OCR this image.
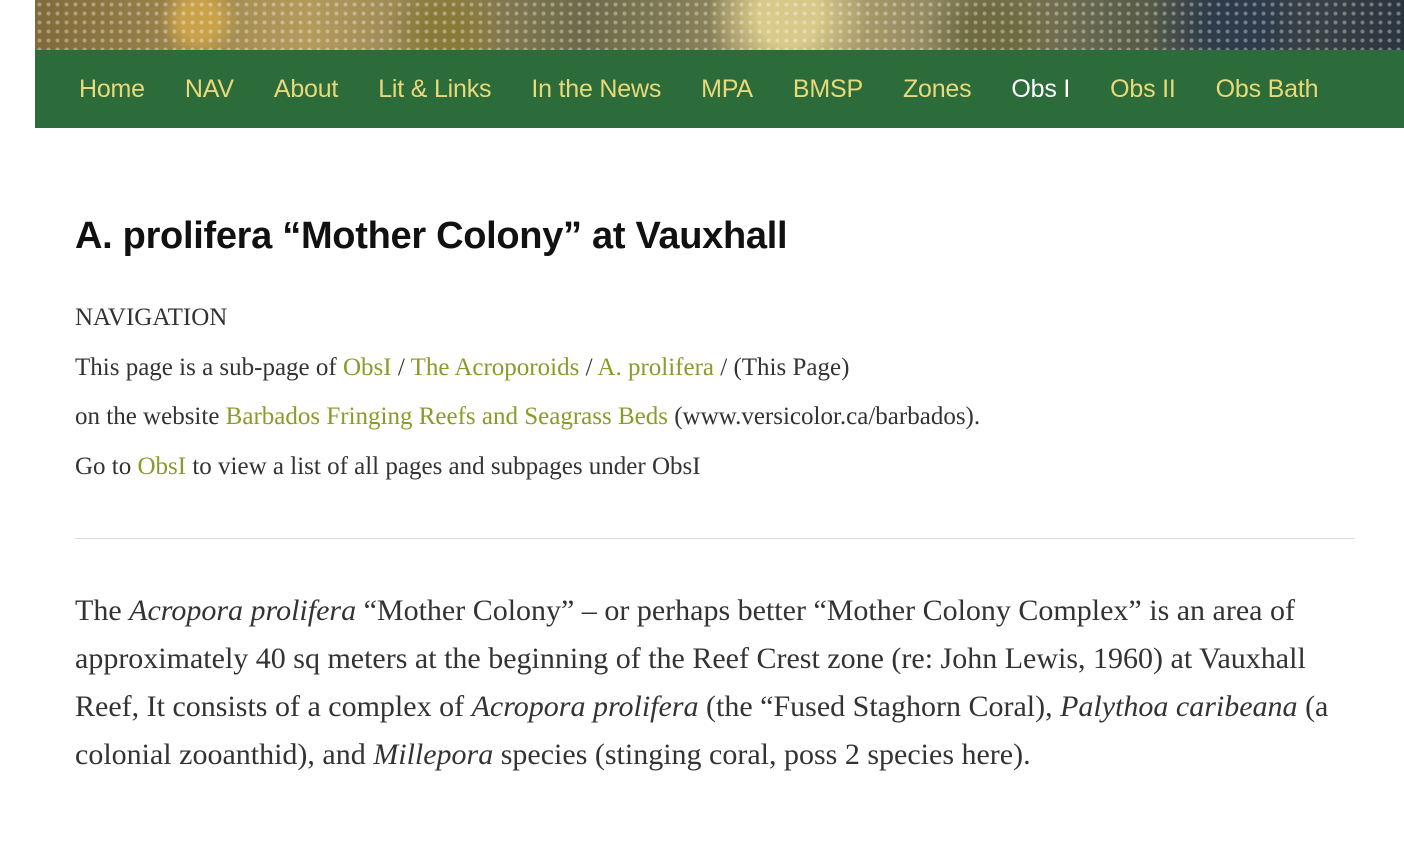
Home NAV About Lit & Links In the News MPA BMSP Zones Obs I Obs II Obs Bath
A. prolifera “Mother Colony” at Vauxhall

NAVIGATION

This page is a sub-page of ObsI / The Acroporoids / A. prolifera / (This Page)

on the website Barbados Fringing Reefs and Seagrass Beds (www.versicolor.ca/barbados).

Go to ObsI to view a list of all pages and subpages under ObsI

The Acropora prolifera “Mother Colony” – or perhaps better “Mother Colony Complex” is an area of approximately 40 sq meters at the beginning of the Reef Crest zone (re: John Lewis, 1960) at Vauxhall Reef, It consists of a complex of Acropora prolifera (the “Fused Staghorn Coral), Palythoa caribeana (a colonial zooanthid), and Millepora species (stinging coral, poss 2 species here).
